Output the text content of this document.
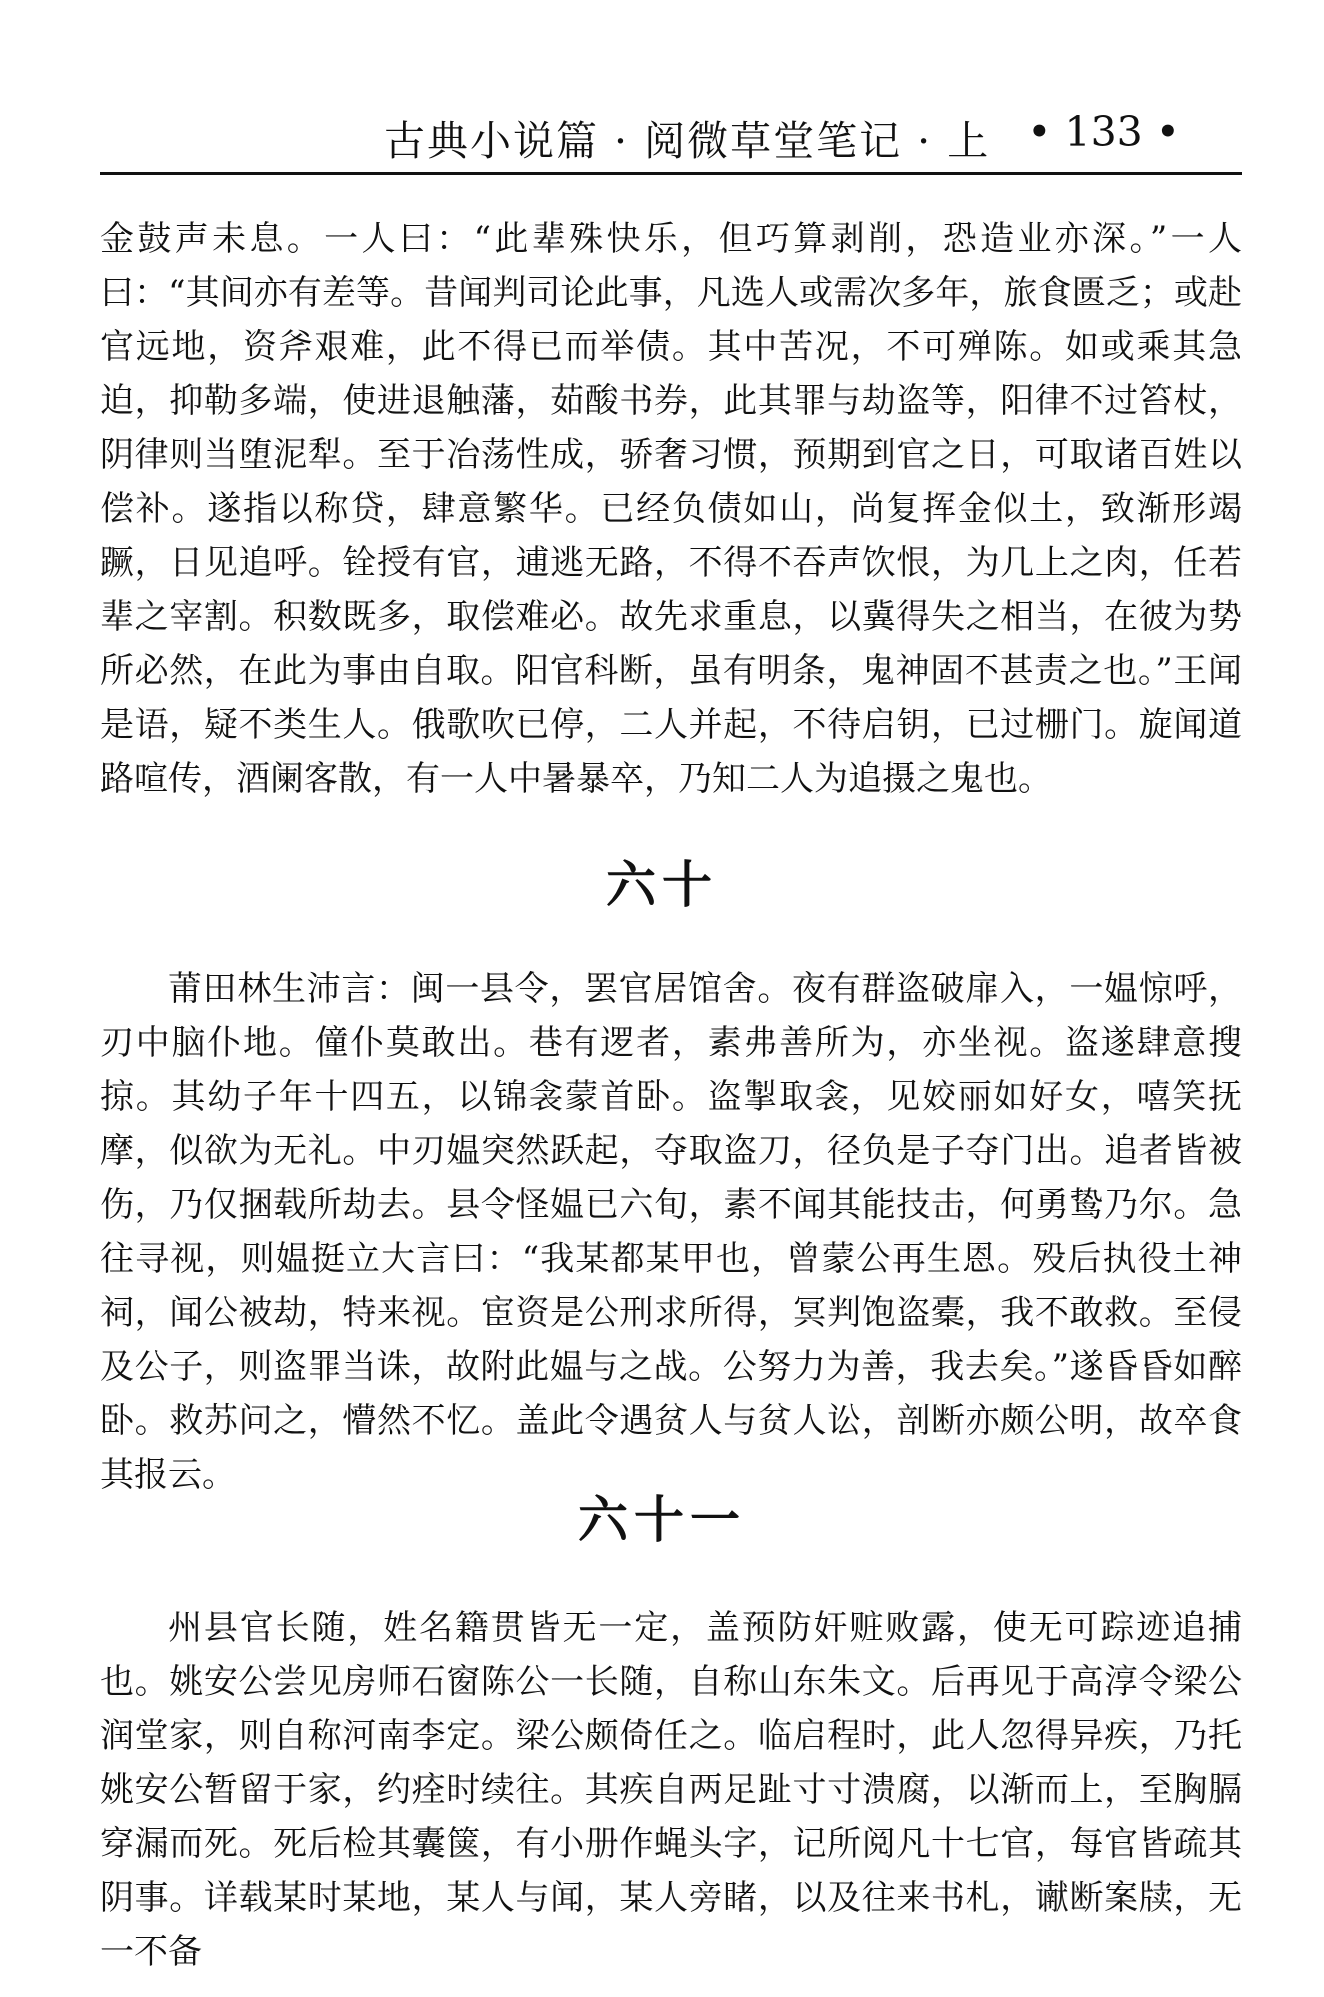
古典小说篇 · 阅微草堂笔记 · 上 • 133 •

金鼓声未息。一人曰：“此辈殊快乐，但巧算剥削，恐造业亦深。”一人曰：“其间亦有差等。昔闻判司论此事，凡选人或需次多年，旅食匮乏；或赴官远地，资斧艰难，此不得已而举债。其中苦况，不可殚陈。如或乘其急迫，抑勒多端，使进退触藩，茹酸书券，此其罪与劫盗等，阳律不过笞杖，阴律则当堕泥犁。至于冶荡性成，骄奢习惯，预期到官之日，可取诸百姓以偿补。遂指以称贷，肆意繁华。已经负债如山，尚复挥金似土，致渐形竭蹶，日见追呼。铨授有官，逋逃无路，不得不吞声饮恨，为几上之肉，任若辈之宰割。积数既多，取偿难必。故先求重息，以冀得失之相当，在彼为势所必然，在此为事由自取。阳官科断，虽有明条，鬼神固不甚责之也。”王闻是语，疑不类生人。俄歌吹已停，二人并起，不待启钥，已过栅门。旋闻道路喧传，酒阑客散，有一人中暑暴卒，乃知二人为追摄之鬼也。

六十

莆田林生沛言：闽一县令，罢官居馆舍。夜有群盗破扉入，一媪惊呼，刃中脑仆地。僮仆莫敢出。巷有逻者，素弗善所为，亦坐视。盗遂肆意搜掠。其幼子年十四五，以锦衾蒙首卧。盗掣取衾，见姣丽如好女，嘻笑抚摩，似欲为无礼。中刃媪突然跃起，夺取盗刀，径负是子夺门出。追者皆被伤，乃仅捆载所劫去。县令怪媪已六旬，素不闻其能技击，何勇鸷乃尔。急往寻视，则媪挺立大言曰：“我某都某甲也，曾蒙公再生恩。殁后执役土神祠，闻公被劫，特来视。宦资是公刑求所得，冥判饱盗橐，我不敢救。至侵及公子，则盗罪当诛，故附此媪与之战。公努力为善，我去矣。”遂昏昏如醉卧。救苏问之，懵然不忆。盖此令遇贫人与贫人讼，剖断亦颇公明，故卒食其报云。

六十一

州县官长随，姓名籍贯皆无一定，盖预防奸赃败露，使无可踪迹追捕也。姚安公尝见房师石窗陈公一长随，自称山东朱文。后再见于高淳令梁公润堂家，则自称河南李定。梁公颇倚任之。临启程时，此人忽得异疾，乃托姚安公暂留于家，约痊时续往。其疾自两足趾寸寸溃腐，以渐而上，至胸膈穿漏而死。死后检其囊箧，有小册作蝇头字，记所阅凡十七官，每官皆疏其阴事。详载某时某地，某人与闻，某人旁睹，以及往来书札，谳断案牍，无一不备
